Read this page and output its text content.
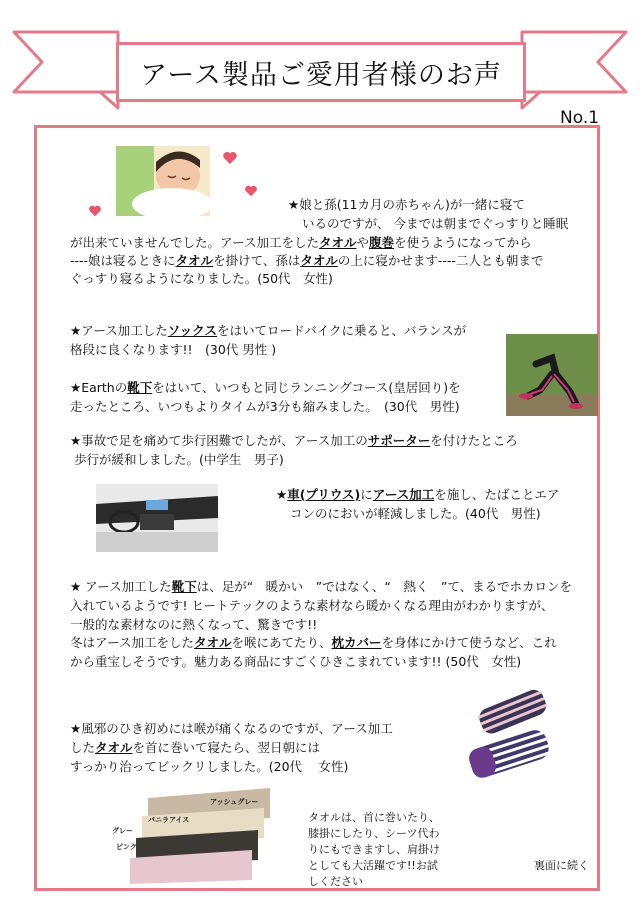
アース製品ご愛用者様のお声
No.1
★娘と孫(11カ月の赤ちゃん)が一緒に寝て
いるのですが、 今までは朝までぐっすりと睡眠
が出来ていませんでした。アース加工をしたタオルや腹巻を使うようになってから
----娘は寝るときにタオルを掛けて、孫はタオルの上に寝かせます----二人とも朝まで
ぐっすり寝るようになりました。(50代　女性)
★アース加工したソックスをはいてロードバイクに乗ると、バランスが
格段に良くなります!!　(30代 男性 )
★Earthの靴下をはいて、いつもと同じランニングコース(皇居回り)を
走ったところ、いつもよりタイムが3分も縮みました。　(30代　男性)
★事故で足を痛めて歩行困難でしたが、アース加工のサポーターを付けたところ
歩行が緩和しました。(中学生　男子)
★車(プリウス)にアース加工を施し、たばことエア
コンのにおいが軽減しました。(40代　男性)
★ アース加工した靴下は、足が“　暖かい　”ではなく、“　熱く　”て、まるでホカロンを
入れているようです! ヒートテックのような素材なら暖かくなる理由がわかりますが、
一般的な素材なのに熱くなって、驚きです!!
冬はアース加工をしたタオルを喉にあてたり、枕カバーを身体にかけて使うなど、これ
から重宝しそうです。魅力ある商品にすごくひきこまれています!! (50代　女性)
★風邪のひき初めには喉が痛くなるのですが、アース加工
したタオルを首に巻いて寝たら、翌日朝には
すっかり治ってビックリしました。(20代　 女性)
アッシュグレー
バニラアイス
グレー
ピンク
タオルは、首に巻いたり、
膝掛にしたり、シーツ代わ
りにもできますし、肩掛け
としても大活躍です!!お試
しください
裏面に続く
